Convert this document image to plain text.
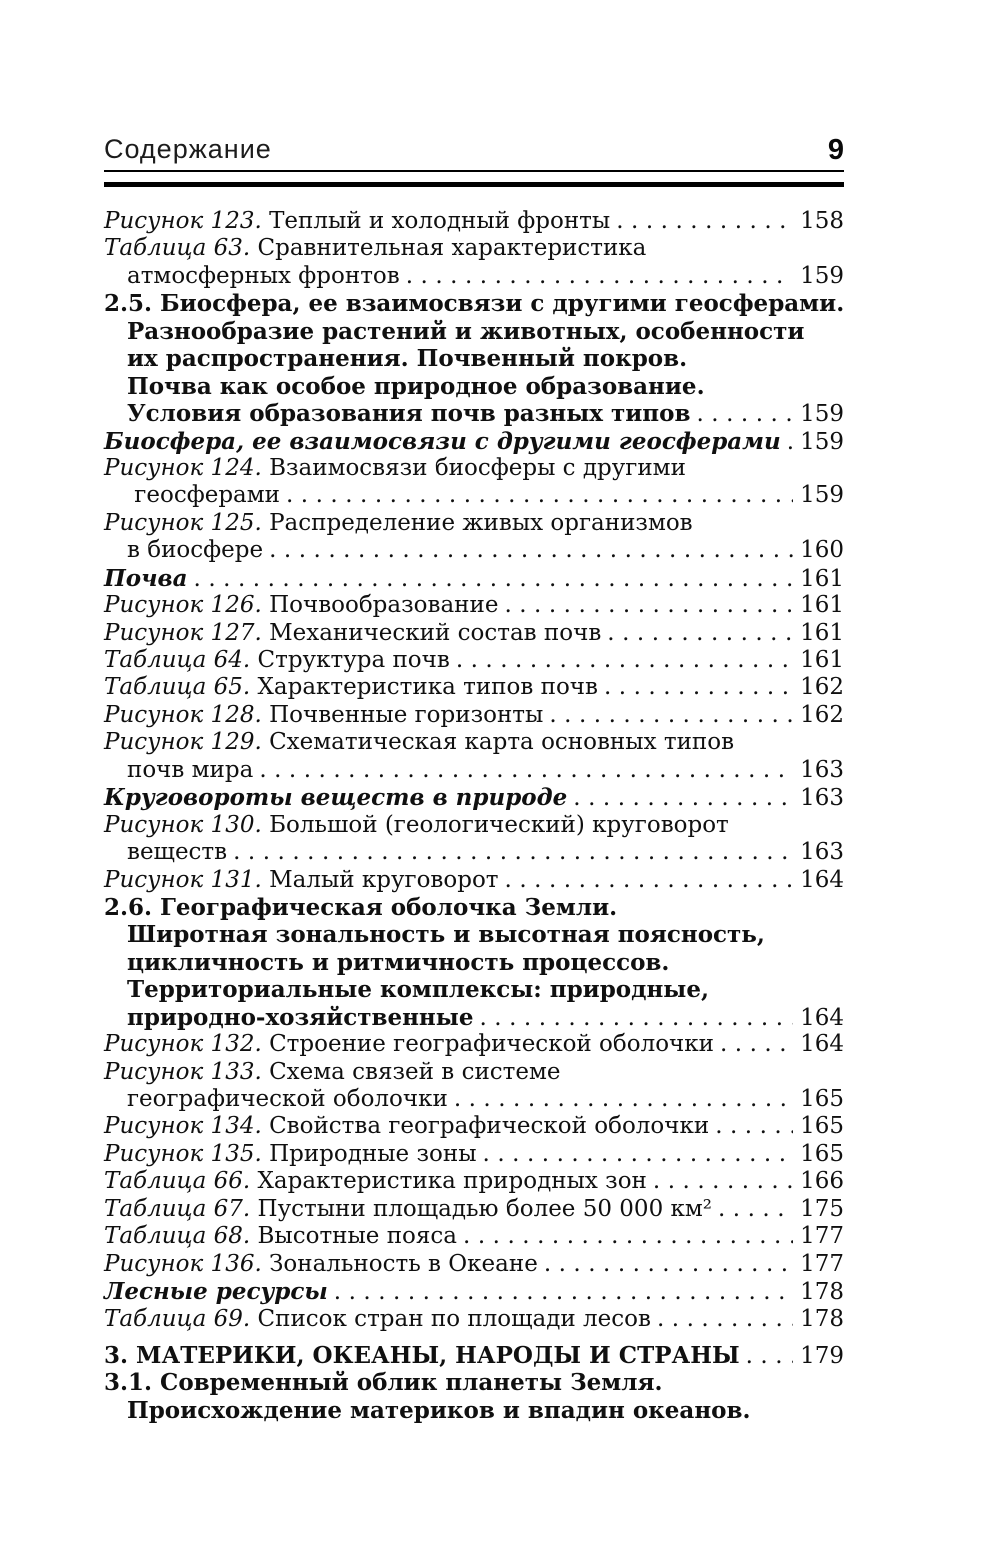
Содержание	9
Рисунок 123. Теплый и холодный фронты .....	158
Таблица 63. Сравнительная характеристика
атмосферных фронтов .....	159
2.5. Биосфера, ее взаимосвязи с другими геосферами.
Разнообразие растений и животных, особенности
их распространения. Почвенный покров.
Почва как особое природное образование.
Условия образования почв разных типов .....	159
Биосфера, ее взаимосвязи с другими геосферами ..... 159
Рисунок 124. Взаимосвязи биосферы с другими
геосферами .....	159
Рисунок 125. Распределение живых организмов
в биосфере .....	160
Почва .....	161
Рисунок 126. Почвообразование .....	161
Рисунок 127. Механический состав почв .....	161
Таблица 64. Структура почв .....	161
Таблица 65. Характеристика типов почв .....	162
Рисунок 128. Почвенные горизонты .....	162
Рисунок 129. Схематическая карта основных типов
почв мира .....	163
Круговороты веществ в природе .....	163
Рисунок 130. Большой (геологический) круговорот
веществ .....	163
Рисунок 131. Малый круговорот .....	164
2.6. Географическая оболочка Земли.
Широтная зональность и высотная поясность,
цикличность и ритмичность процессов.
Территориальные комплексы: природные,
природно-хозяйственные .....	164
Рисунок 132. Строение географической оболочки .....	164
Рисунок 133. Схема связей в системе
географической оболочки .....	165
Рисунок 134. Свойства географической оболочки .....	165
Рисунок 135. Природные зоны .....	165
Таблица 66. Характеристика природных зон .....	166
Таблица 67. Пустыни площадью более 50 000 км² .....	175
Таблица 68. Высотные пояса .....	177
Рисунок 136. Зональность в Океане .....	177
Лесные ресурсы .....	178
Таблица 69. Список стран по площади лесов .....	178
3. МАТЕРИКИ, ОКЕАНЫ, НАРОДЫ И СТРАНЫ .....	179
3.1. Современный облик планеты Земля.
Происхождение материков и впадин океанов.
